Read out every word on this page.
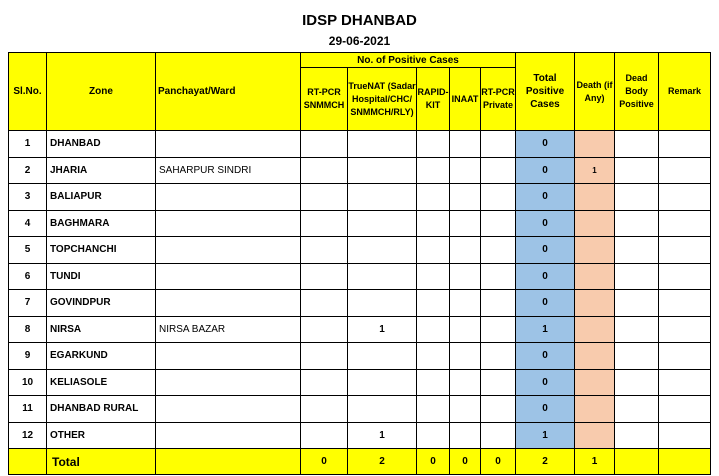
IDSP DHANBAD
29-06-2021
Sl.No.	Zone	Panchayat/Ward	No. of Positive Cases					Total Positive Cases	Death (if Any)	Dead Body Positive	Remark
			RT-PCR SNMMCH	TrueNAT (Sadar Hospital/CHC/ SNMMCH/RLY)	RAPID-KIT	INAAT	RT-PCR Private				
1	DHANBAD							0			
2	JHARIA	SAHARPUR SINDRI						0	1		
3	BALIAPUR							0			
4	BAGHMARA							0			
5	TOPCHANCHI							0			
6	TUNDI							0			
7	GOVINDPUR							0			
8	NIRSA	NIRSA BAZAR		1				1			
9	EGARKUND							0			
10	KELIASOLE							0			
11	DHANBAD RURAL							0			
12	OTHER			1				1			
	Total		0	2	0	0	0	2	1		
